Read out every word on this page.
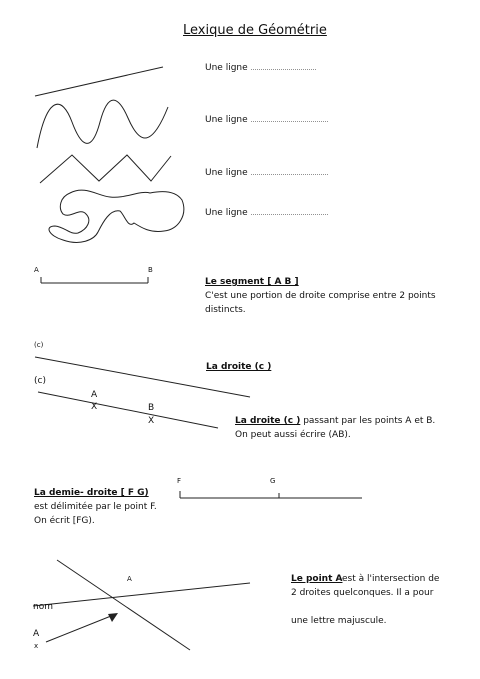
Lexique de Géométrie
Une ligne ……………………………
Une ligne …………………………………
Une ligne …………………………………
Une ligne …………………………………
A	B
Le segment [ A B ]
C'est une portion de droite comprise entre 2 points
distincts.
(c)
La droite (c )
(c)
A
X	B
X	La droite (c ) passant par les points A et B.
On peut aussi écrire (AB).
F	G
La demie- droite [ F G)
est délimitée par le point F.
On écrit [FG).
A	Le point A est à l'intersection de
2 droites quelconques. Il a pour
nom
une lettre majuscule.
A
x
